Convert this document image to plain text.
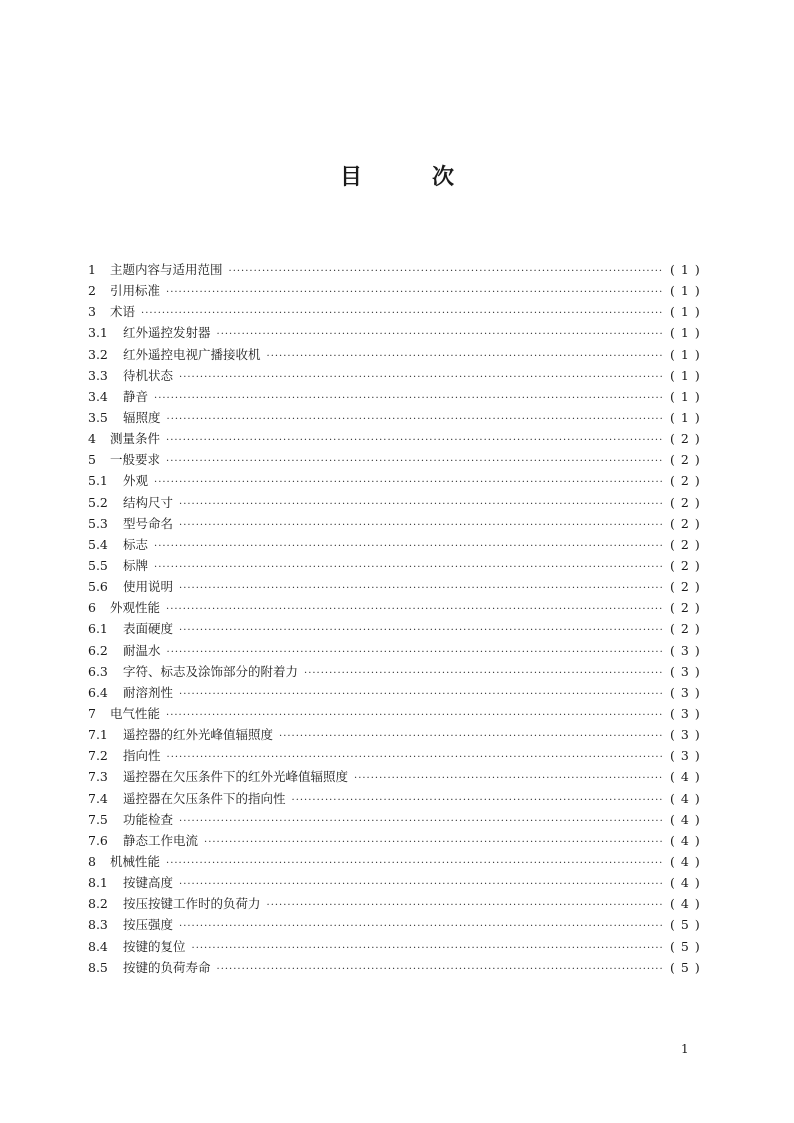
目次
1	主题内容与适用范围 ·····	(1)
2	引用标准 ·····	(1)
3	术语 ·····	(1)
3.1	红外遥控发射器 ·····	(1)
3.2	红外遥控电视广播接收机 ·····	(1)
3.3	待机状态 ·····	(1)
3.4	静音 ·····	(1)
3.5	辐照度 ·····	(1)
4	测量条件 ·····	(2)
5	一般要求 ·····	(2)
5.1	外观 ·····	(2)
5.2	结构尺寸 ·····	(2)
5.3	型号命名 ·····	(2)
5.4	标志 ·····	(2)
5.5	标牌 ·····	(2)
5.6	使用说明 ·····	(2)
6	外观性能 ·····	(2)
6.1	表面硬度 ·····	(2)
6.2	耐温水 ·····	(3)
6.3	字符、标志及涂饰部分的附着力 ·····	(3)
6.4	耐溶剂性 ·····	(3)
7	电气性能 ·····	(3)
7.1	遥控器的红外光峰值辐照度 ·····	(3)
7.2	指向性 ·····	(3)
7.3	遥控器在欠压条件下的红外光峰值辐照度 ·····	(4)
7.4	遥控器在欠压条件下的指向性 ·····	(4)
7.5	功能检查 ·····	(4)
7.6	静态工作电流 ·····	(4)
8	机械性能 ·····	(4)
8.1	按键高度 ·····	(4)
8.2	按压按键工作时的负荷力 ·····	(4)
8.3	按压强度 ·····	(5)
8.4	按键的复位 ·····	(5)
8.5	按键的负荷寿命 ·····	(5)
1
